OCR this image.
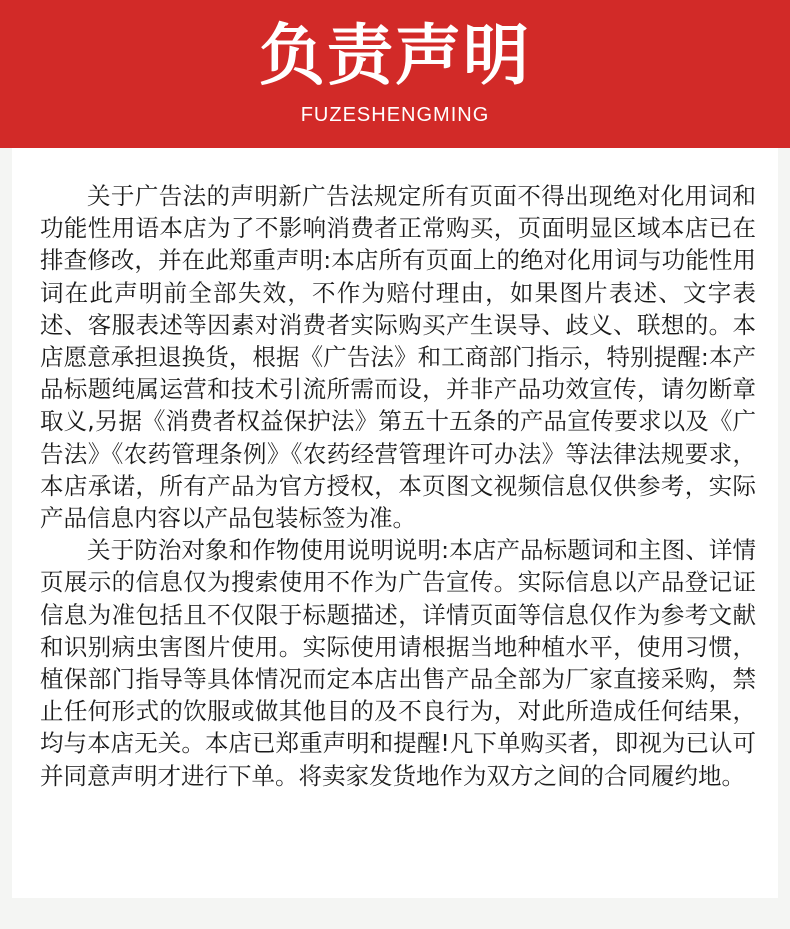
负责声明
FUZESHENGMING

关于广告法的声明新广告法规定所有页面不得出现绝对化用词和功能性用语本店为了不影响消费者正常购买，页面明显区域本店已在排查修改，并在此郑重声明:本店所有页面上的绝对化用词与功能性用词在此声明前全部失效，不作为赔付理由，如果图片表述、文字表述、客服表述等因素对消费者实际购买产生误导、歧义、联想的。本店愿意承担退换货，根据《广告法》和工商部门指示，特别提醒:本产品标题纯属运营和技术引流所需而设，并非产品功效宣传，请勿断章取义,另据《消费者权益保护法》第五十五条的产品宣传要求以及《广告法》《农药管理条例》《农药经营管理许可办法》等法律法规要求，本店承诺，所有产品为官方授权，本页图文视频信息仅供参考，实际产品信息内容以产品包装标签为准。

关于防治对象和作物使用说明说明:本店产品标题词和主图、详情页展示的信息仅为搜索使用不作为广告宣传。实际信息以产品登记证信息为准包括且不仅限于标题描述，详情页面等信息仅作为参考文献和识别病虫害图片使用。实际使用请根据当地种植水平，使用习惯，植保部门指导等具体情况而定本店出售产品全部为厂家直接采购，禁止任何形式的饮服或做其他目的及不良行为，对此所造成任何结果，均与本店无关。本店已郑重声明和提醒!凡下单购买者，即视为已认可并同意声明才进行下单。将卖家发货地作为双方之间的合同履约地。
